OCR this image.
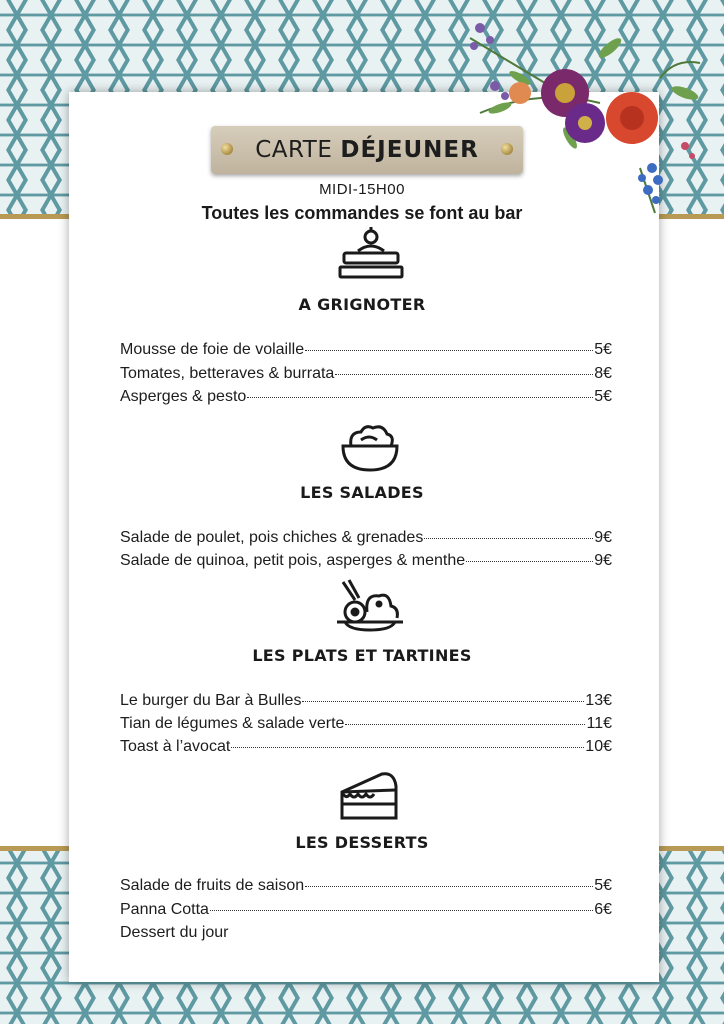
CARTE DÉJEUNER
MIDI-15H00
Toutes les commandes se font au bar
A GRIGNOTER
Mousse de foie de volaille	5€
Tomates, betteraves & burrata	8€
Asperges & pesto	5€
LES SALADES
Salade de poulet, pois chiches & grenades	9€
Salade de quinoa, petit pois, asperges & menthe	9€
LES PLATS ET TARTINES
Le burger du Bar à Bulles	13€
Tian de légumes & salade verte	11€
Toast à l’avocat	10€
LES DESSERTS
Salade de fruits de saison	5€
Panna Cotta	6€
Dessert du jour
